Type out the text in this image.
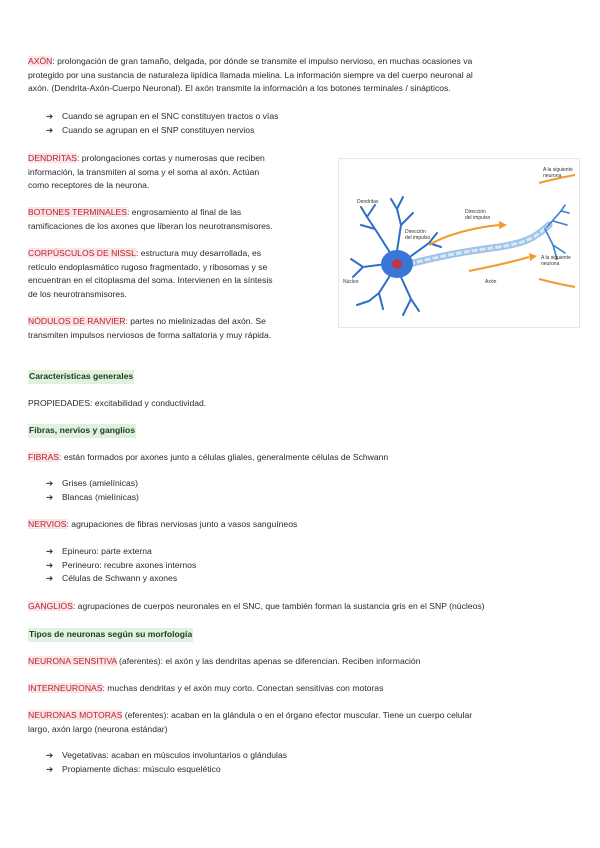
AXÓN: prolongación de gran tamaño, delgada, por dónde se transmite el impulso nervioso, en muchas ocasiones va

protegido por una sustancia de naturaleza lipídica llamada mielina. La información siempre va del cuerpo neuronal al

axón. (Dendrita-Axón-Cuerpo Neuronal). El axón transmite la información a los botones terminales / sinápticos.

➔ Cuando se agrupan en el SNC constituyen tractos o vías
➔ Cuando se agrupan en el SNP constituyen nervios

DENDRITAS: prolongaciones cortas y numerosas que reciben

información, la transmiten al soma y el soma al axón. Actúan

como receptores de la neurona.

BOTONES TERMINALES: engrosamiento al final de las

ramificaciones de los axones que liberan los neurotransmisores.

CORPÚSCULOS DE NISSL: estructura muy desarrollada, es

retículo endoplasmático rugoso fragmentado, y ribosomas y se

encuentran en el citoplasma del soma. Intervienen en la síntesis

de los neurotransmisores.

NÓDULOS DE RANVIER: partes no mielinizadas del axón. Se

transmiten impulsos nerviosos de forma saltatoria y muy rápida.

Dendritas
Dirección
del impulso
Dirección
del impulso
Núcleo	Axón
A la siguiente
neurona
A la siguiente
neurona
Características generales
PROPIEDADES: excitabilidad y conductividad.
Fibras, nervios y ganglios
FIBRAS: están formados por axones junto a células gliales, generalmente células de Schwann
➔ Grises (amielínicas)
➔ Blancas (mielínicas)
NERVIOS: agrupaciones de fibras nerviosas junto a vasos sanguíneos
➔ Epineuro: parte externa
➔ Perineuro: recubre axones internos
➔ Células de Schwann y axones
GANGLIOS: agrupaciones de cuerpos neuronales en el SNC, que también forman la sustancia gris en el SNP (núcleos)
Tipos de neuronas según su morfología
NEURONA SENSITIVA (aferentes): el axón y las dendritas apenas se diferencian. Reciben información
INTERNEURONAS: muchas dendritas y el axón muy corto. Conectan sensitivas con motoras

NEURONAS MOTORAS (eferentes): acaban en la glándula o en el órgano efector muscular. Tiene un cuerpo celular

largo, axón largo (neurona estándar)

➔ Vegetativas: acaban en músculos involuntarios o glándulas
➔ Propiamente dichas: músculo esquelético
